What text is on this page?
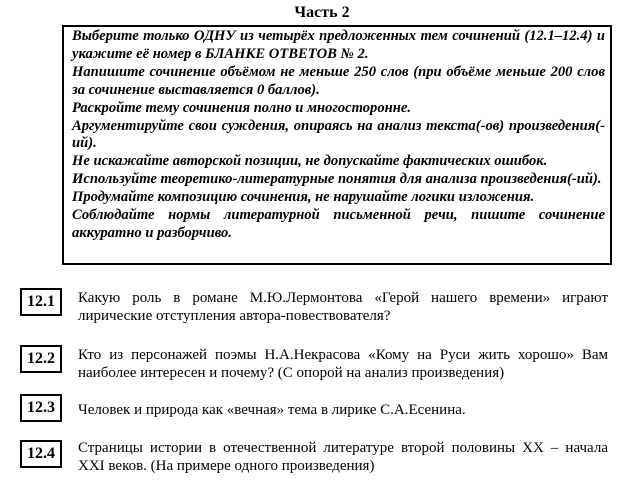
Часть 2

Выберите только ОДНУ из четырёх предложенных тем сочинений (12.1–12.4) и укажите её номер в БЛАНКЕ ОТВЕТОВ № 2.

Напишите сочинение объёмом не меньше 250 слов (при объёме меньше 200 слов за сочинение выставляется 0 баллов).

Раскройте тему сочинения полно и многосторонне.

Аргументируйте свои суждения, опираясь на анализ текста(-ов) произведения(-ий).

Не искажайте авторской позиции, не допускайте фактических ошибок.

Используйте теоретико-литературные понятия для анализа произведения(-ий).

Продумайте композицию сочинения, не нарушайте логики изложения.

Соблюдайте нормы литературной письменной речи, пишите сочинение аккуратно и разборчиво.

12.1	Какую роль в романе М.Ю.Лермонтова «Герой нашего времени» играют лирические отступления автора-повествователя?

12.2	Кто из персонажей поэмы Н.А.Некрасова «Кому на Руси жить хорошо» Вам наиболее интересен и почему? (С опорой на анализ произведения)

12.3	Человек и природа как «вечная» тема в лирике С.А.Есенина.

12.4	Страницы истории в отечественной литературе второй половины XX – начала XXI веков. (На примере одного произведения)
